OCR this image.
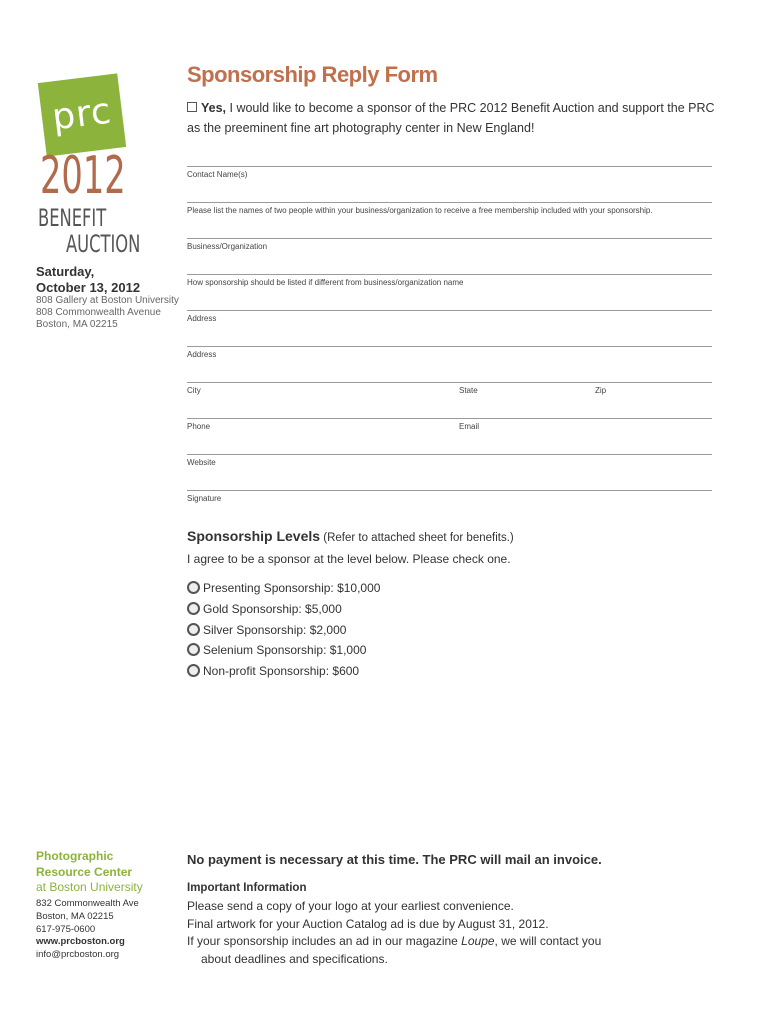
prc
2012
BENEFIT
AUCTION
Saturday,
October 13, 2012
808 Gallery at Boston University
808 Commonwealth Avenue
Boston, MA 02215
Sponsorship Reply Form
Yes, I would like to become a sponsor of the PRC 2012 Benefit Auction and support the PRC
as the preeminent fine art photography center in New England!
Contact Name(s)
Please list the names of two people within your business/organization to receive a free membership included with your sponsorship.
Business/Organization
How sponsorship should be listed if different from business/organization name
Address
Address
City	State	Zip
Phone	Email
Website
Signature
Sponsorship Levels (Refer to attached sheet for benefits.)
I agree to be a sponsor at the level below. Please check one.
Presenting Sponsorship: $10,000
Gold Sponsorship: $5,000
Silver Sponsorship: $2,000
Selenium Sponsorship: $1,000
Non-profit Sponsorship: $600
Photographic
Resource Center
at Boston University
832 Commonwealth Ave
Boston, MA 02215
617-975-0600
www.prcboston.org
info@prcboston.org
No payment is necessary at this time. The PRC will mail an invoice.
Important Information
Please send a copy of your logo at your earliest convenience.
Final artwork for your Auction Catalog ad is due by August 31, 2012.
If your sponsorship includes an ad in our magazine Loupe, we will contact you
about deadlines and specifications.
